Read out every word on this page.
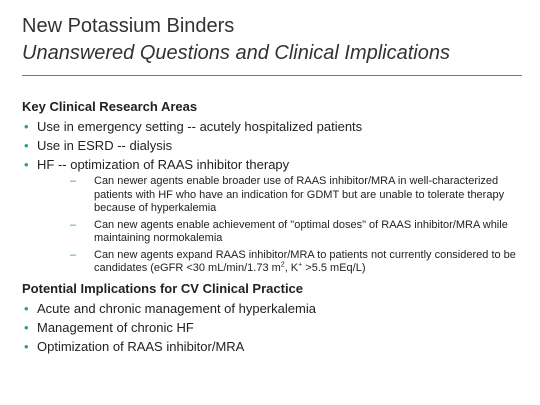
New Potassium Binders
Unanswered Questions and Clinical Implications
Key Clinical Research Areas
• Use in emergency setting -- acutely hospitalized patients
• Use in ESRD -- dialysis
• HF -- optimization of RAAS inhibitor therapy
– Can newer agents enable broader use of RAAS inhibitor/MRA in well-characterized patients with HF who have an indication for GDMT but are unable to tolerate therapy because of hyperkalemia
– Can new agents enable achievement of "optimal doses" of RAAS inhibitor/MRA while maintaining normokalemia
– Can new agents expand RAAS inhibitor/MRA to patients not currently considered to be candidates (eGFR <30 mL/min/1.73 $m^2$, K+ >5.5 mEq/L)
Potential Implications for CV Clinical Practice
• Acute and chronic management of hyperkalemia
• Management of chronic HF
• Optimization of RAAS inhibitor/MRA
